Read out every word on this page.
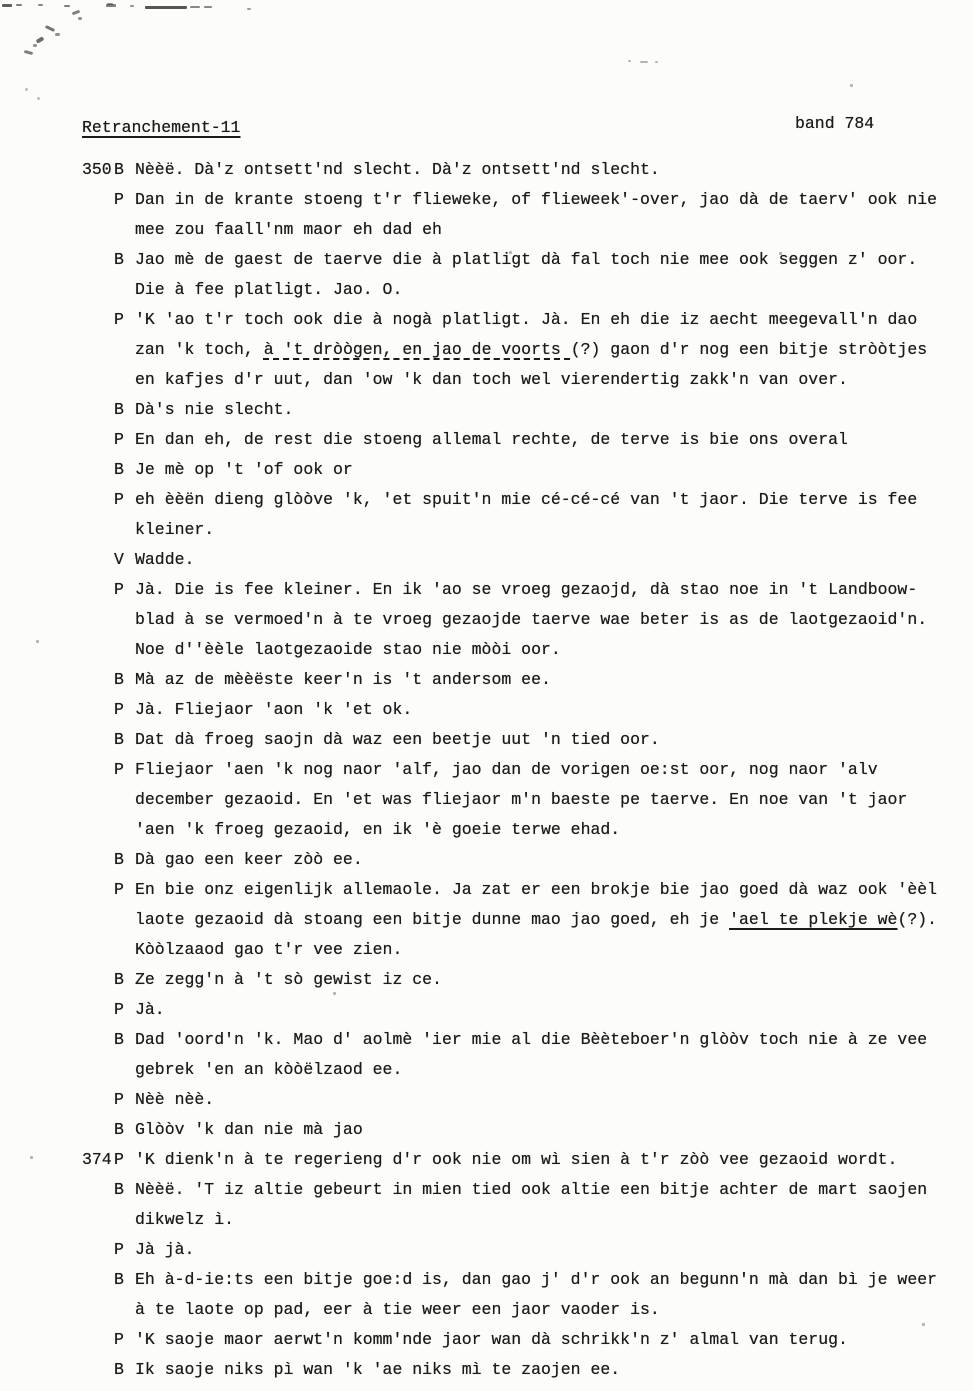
Retranchement-11	band 784
350 B Nèèë. Dà'z ontsett'nd slecht. Dà'z ontsett'nd slecht.
P Dan in de krante stoeng t'r flieweke, of flieweek'-over, jao dà de taerv' ook nie
mee zou faall'nm maor eh dad eh
B Jao mè de gaest de taerve die à platligt dà fal toch nie mee ook seggen z' oor.
Die à fee platligt. Jao. O.
P 'K 'ao t'r toch ook die à nogà platligt. Jà. En eh die iz aecht meegevall'n dao
zan 'k toch, à 't dròògen, en jao de voorts (?) gaon d'r nog een bitje stròòtjes
en kafjes d'r uut, dan 'ow 'k dan toch wel vierendertig zakk'n van over.
B Dà's nie slecht.
P En dan eh, de rest die stoeng allemal rechte, de terve is bie ons overal
B Je mè op 't 'of ook or
P eh èèën dieng glòòve 'k, 'et spuit'n mie cé-cé-cé van 't jaor. Die terve is fee
kleiner.
V Wadde.
P Jà. Die is fee kleiner. En ik 'ao se vroeg gezaojd, dà stao noe in 't Landboow-
blad à se vermoed'n à te vroeg gezaojde taerve wae beter is as de laotgezaoid'n.
Noe d''èèle laotgezaoide stao nie mòòi oor.
B Mà az de mèèëste keer'n is 't andersom ee.
P Jà. Fliejaor 'aon 'k 'et ok.
B Dat dà froeg saojn dà waz een beetje uut 'n tied oor.
P Fliejaor 'aen 'k nog naor 'alf, jao dan de vorigen oe:st oor, nog naor 'alv
december gezaoid. En 'et was fliejaor m'n baeste pe taerve. En noe van 't jaor
'aen 'k froeg gezaoid, en ik 'è goeie terwe ehad.
B Dà gao een keer zòò ee.
P En bie onz eigenlijk allemaole. Ja zat er een brokje bie jao goed dà waz ook 'èèl
laote gezaoid dà stoang een bitje dunne mao jao goed, eh je 'ael te plekje wè(?).
Kòòlzaaod gao t'r vee zien.
B Ze zegg'n à 't sò gewist iz ce.
P Jà.
B Dad 'oord'n 'k. Mao d' aolmè 'ier mie al die Bèèteboer'n glòòv toch nie à ze vee
gebrek 'en an kòòëlzaod ee.
P Nèè nèè.
B Glòòv 'k dan nie mà jao
374 P 'K dienk'n à te regerieng d'r ook nie om wì sien à t'r zòò vee gezaoid wordt.
B Nèèë. 'T iz altie gebeurt in mien tied ook altie een bitje achter de mart saojen
dikwelz ì.
P Jà jà.
B Eh à-d-ie:ts een bitje goe:d is, dan gao j' d'r ook an begunn'n mà dan bì je weer
à te laote op pad, eer à tie weer een jaor vaoder is.
P 'K saoje maor aerwt'n komm'nde jaor wan dà schrikk'n z' almal van terug.
B Ik saoje niks pì wan 'k 'ae niks mì te zaojen ee.
